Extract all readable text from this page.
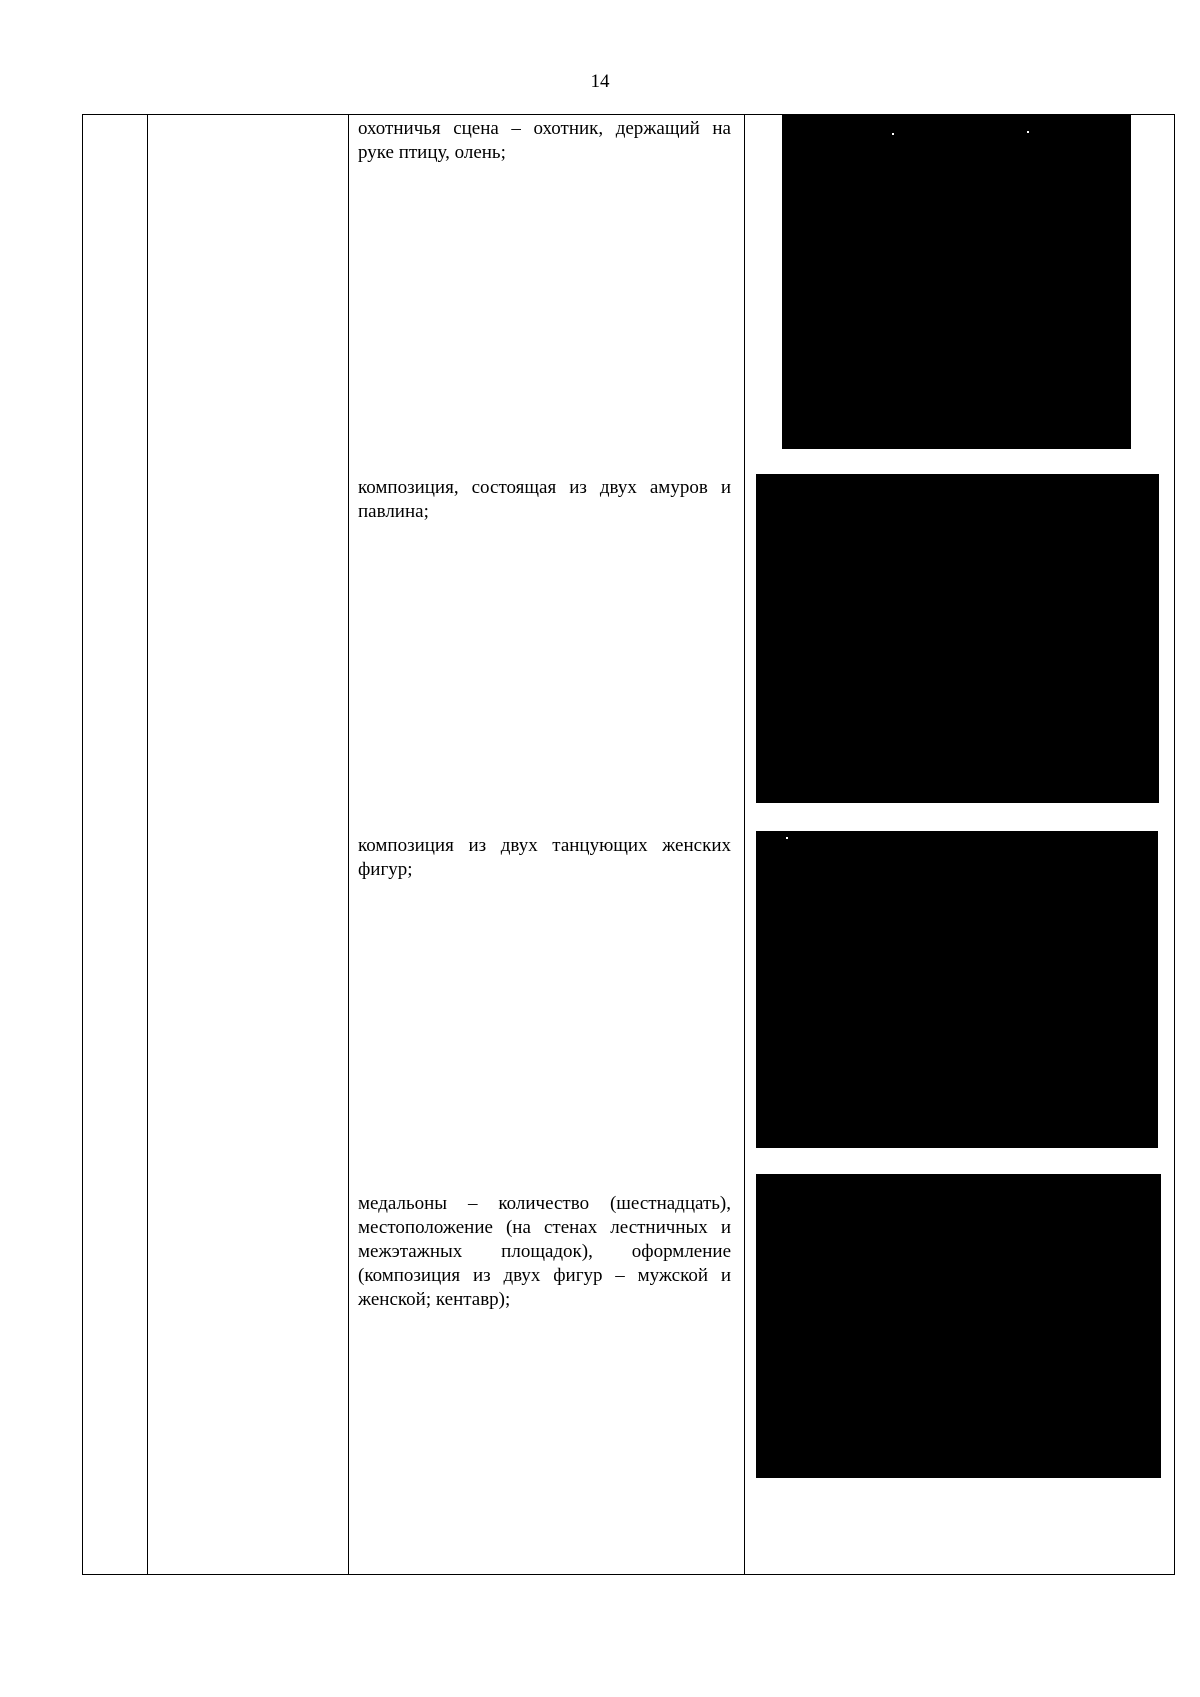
14

охотничья сцена – охотник, держащий на руке птицу, олень;

композиция, состоящая из двух амуров и павлина;

композиция из двух танцующих женских фигур;

медальоны – количество (шестнадцать), местоположение (на стенах лестничных и межэтажных площадок), оформление (композиция из двух фигур – мужской и женской; кентавр);
